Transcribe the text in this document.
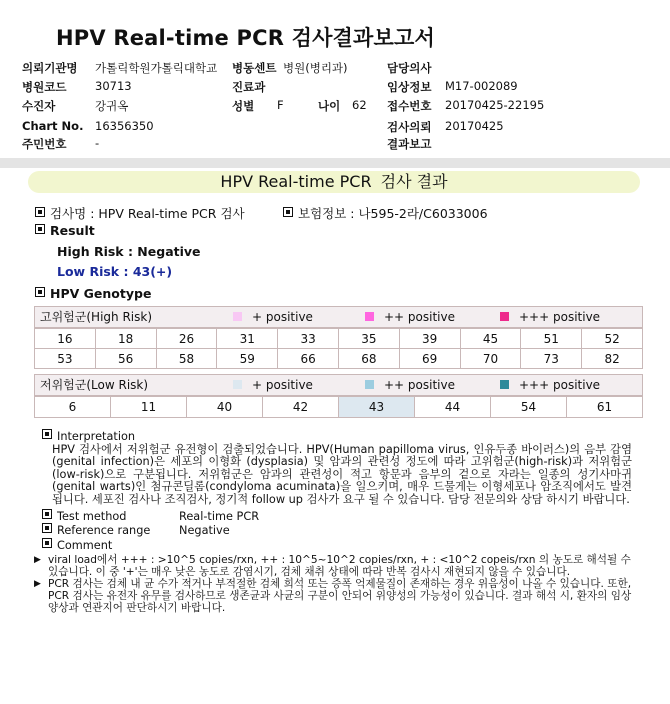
HPV Real-time PCR 검사결과보고서
의뢰기관명 가톨릭학원가톨릭대학교 병동센트 병원(병리과)	담당의사
병원코드 30713	진료과	임상정보 M17-002089
수진자	강귀옥	성별 F	나이 62 접수번호 20170425-22195
Chart No. 16356350	검사의뢰 20170425
주민번호 -	결과보고
HPV Real-time PCR 검사 결과
검사명 : HPV Real-time PCR 검사	보험정보 : 나595-2라/C6033006
Result
High Risk : Negative
Low Risk : 43(+)
HPV Genotype
고위험군(High Risk)	+ positive	++ positive	+++ positive
16	18	26	31	33	35	39	45	51	52
53	56	58	59	66	68	69	70	73	82
저위험군(Low Risk)	+ positive	++ positive	+++ positive
6	11	40	42	43	44	54	61
Interpretation
HPV 검사에서 저위험군 유전형이 검출되었습니다. HPV(Human papilloma virus, 인유두종 바이러스)의 음부 감염(genital infection)은 세포의 이형화 (dysplasia) 및 암과의 관련성 정도에 따라 고위험군(high-risk)과 저위험군(low-risk)으로 구분됩니다. 저위험군은 암과의 관련성이 적고 항문과 음부의 겉으로 자라는 일종의 성기사마귀(genital warts)인 첨규콘딜롬(condyloma acuminata)을 일으키며, 매우 드물게는 이형세포나 암조직에서도 발견 됩니다. 세포진 검사나 조직검사, 정기적 follow up 검사가 요구 될 수 있습니다. 담당 전문의와 상담 하시기 바랍니다.
Test method	Real-time PCR
Reference range	Negative
Comment
▶ viral load에서 +++ : >10^5 copies/rxn, ++ : 10^5~10^2 copies/rxn, + : <10^2 copeis/rxn 의 농도로 해석될 수 있습니다. 이 중 '+'는 매우 낮은 농도로 감염시기, 검체 채취 상태에 따라 반복 검사시 재현되지 않을 수 있습니다.
▶ PCR 검사는 검체 내 균 수가 적거나 부적절한 검체 희석 또는 증폭 억제물질이 존재하는 경우 위음성이 나올 수 있습니다. 또한, PCR 검사는 유전자 유무를 검사하므로 생존균과 사균의 구분이 안되어 위양성의 가능성이 있습니다. 결과 해석 시, 환자의 임상 양상과 연관지어 판단하시기 바랍니다.
